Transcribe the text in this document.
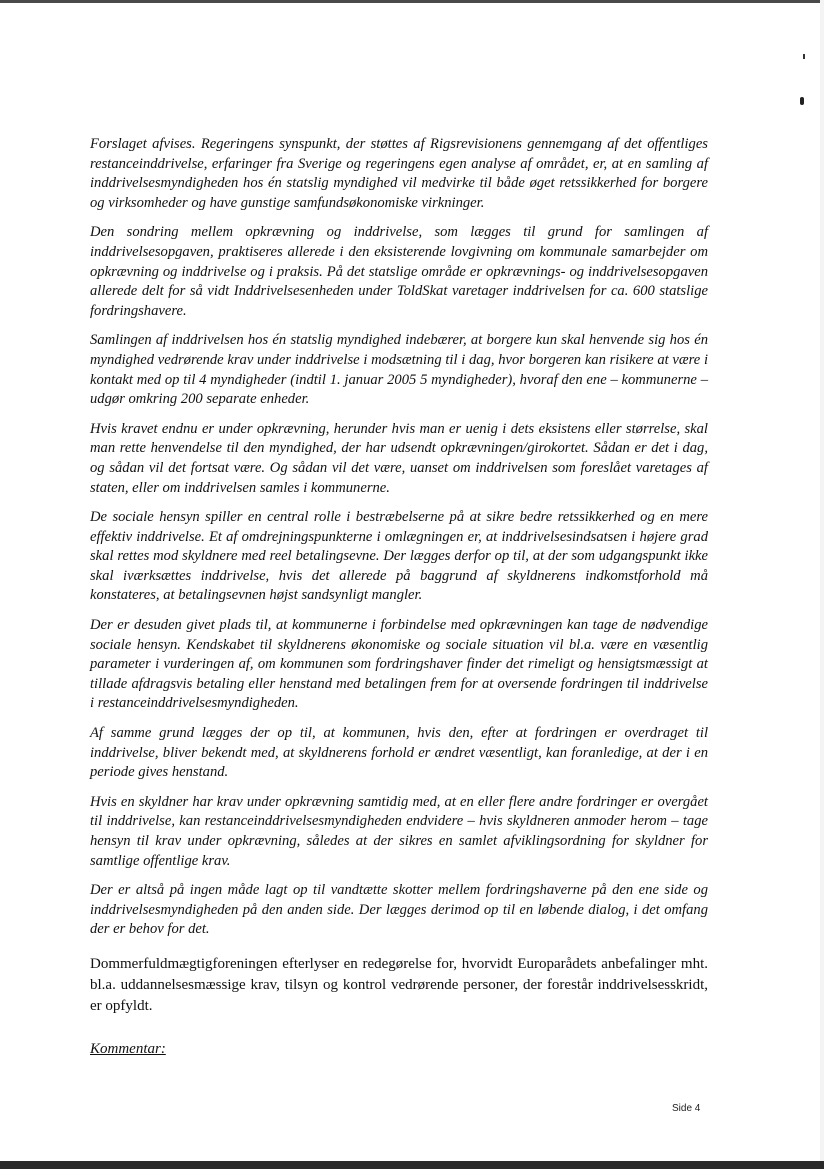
Forslaget afvises. Regeringens synspunkt, der støttes af Rigsrevisionens gennemgang af det offentliges restanceinddrivelse, erfaringer fra Sverige og regeringens egen analyse af området, er, at en samling af inddrivelsesmyndigheden hos én statslig myndighed vil medvirke til både øget retssikkerhed for borgere og virksomheder og have gunstige samfundsøkonomiske virkninger.

Den sondring mellem opkrævning og inddrivelse, som lægges til grund for samlingen af inddrivelsesopgaven, praktiseres allerede i den eksisterende lovgivning om kommunale samarbejder om opkrævning og inddrivelse og i praksis. På det statslige område er opkrævnings- og inddrivelsesopgaven allerede delt for så vidt Inddrivelsesenheden under ToldSkat varetager inddrivelsen for ca. 600 statslige fordringshavere.

Samlingen af inddrivelsen hos én statslig myndighed indebærer, at borgere kun skal henvende sig hos én myndighed vedrørende krav under inddrivelse i modsætning til i dag, hvor borgeren kan risikere at være i kontakt med op til 4 myndigheder (indtil 1. januar 2005 5 myndigheder), hvoraf den ene – kommunerne – udgør omkring 200 separate enheder.

Hvis kravet endnu er under opkrævning, herunder hvis man er uenig i dets eksistens eller størrelse, skal man rette henvendelse til den myndighed, der har udsendt opkrævningen/girokortet. Sådan er det i dag, og sådan vil det fortsat være. Og sådan vil det være, uanset om inddrivelsen som foreslået varetages af staten, eller om inddrivelsen samles i kommunerne.

De sociale hensyn spiller en central rolle i bestræbelserne på at sikre bedre retssikkerhed og en mere effektiv inddrivelse. Et af omdrejningspunkterne i omlægningen er, at inddrivelsesindsatsen i højere grad skal rettes mod skyldnere med reel betalingsevne. Der lægges derfor op til, at der som udgangspunkt ikke skal iværksættes inddrivelse, hvis det allerede på baggrund af skyldnerens indkomstforhold må konstateres, at betalingsevnen højst sandsynligt mangler.

Der er desuden givet plads til, at kommunerne i forbindelse med opkrævningen kan tage de nødvendige sociale hensyn. Kendskabet til skyldnerens økonomiske og sociale situation vil bl.a. være en væsentlig parameter i vurderingen af, om kommunen som fordringshaver finder det rimeligt og hensigtsmæssigt at tillade afdragsvis betaling eller henstand med betalingen frem for at oversende fordringen til inddrivelse i restanceinddrivelsesmyndigheden.

Af samme grund lægges der op til, at kommunen, hvis den, efter at fordringen er overdraget til inddrivelse, bliver bekendt med, at skyldnerens forhold er ændret væsentligt, kan foranledige, at der i en periode gives henstand.

Hvis en skyldner har krav under opkrævning samtidig med, at en eller flere andre fordringer er overgået til inddrivelse, kan restanceinddrivelsesmyndigheden endvidere – hvis skyldneren anmoder herom – tage hensyn til krav under opkrævning, således at der sikres en samlet afviklingsordning for skyldner for samtlige offentlige krav.

Der er altså på ingen måde lagt op til vandtætte skotter mellem fordringshaverne på den ene side og inddrivelsesmyndigheden på den anden side. Der lægges derimod op til en løbende dialog, i det omfang der er behov for det.

Dommerfuldmægtigforeningen efterlyser en redegørelse for, hvorvidt Europarådets anbefalinger mht. bl.a. uddannelsesmæssige krav, tilsyn og kontrol vedrørende personer, der forestår inddrivelsesskridt, er opfyldt.

Kommentar:

Side 4
